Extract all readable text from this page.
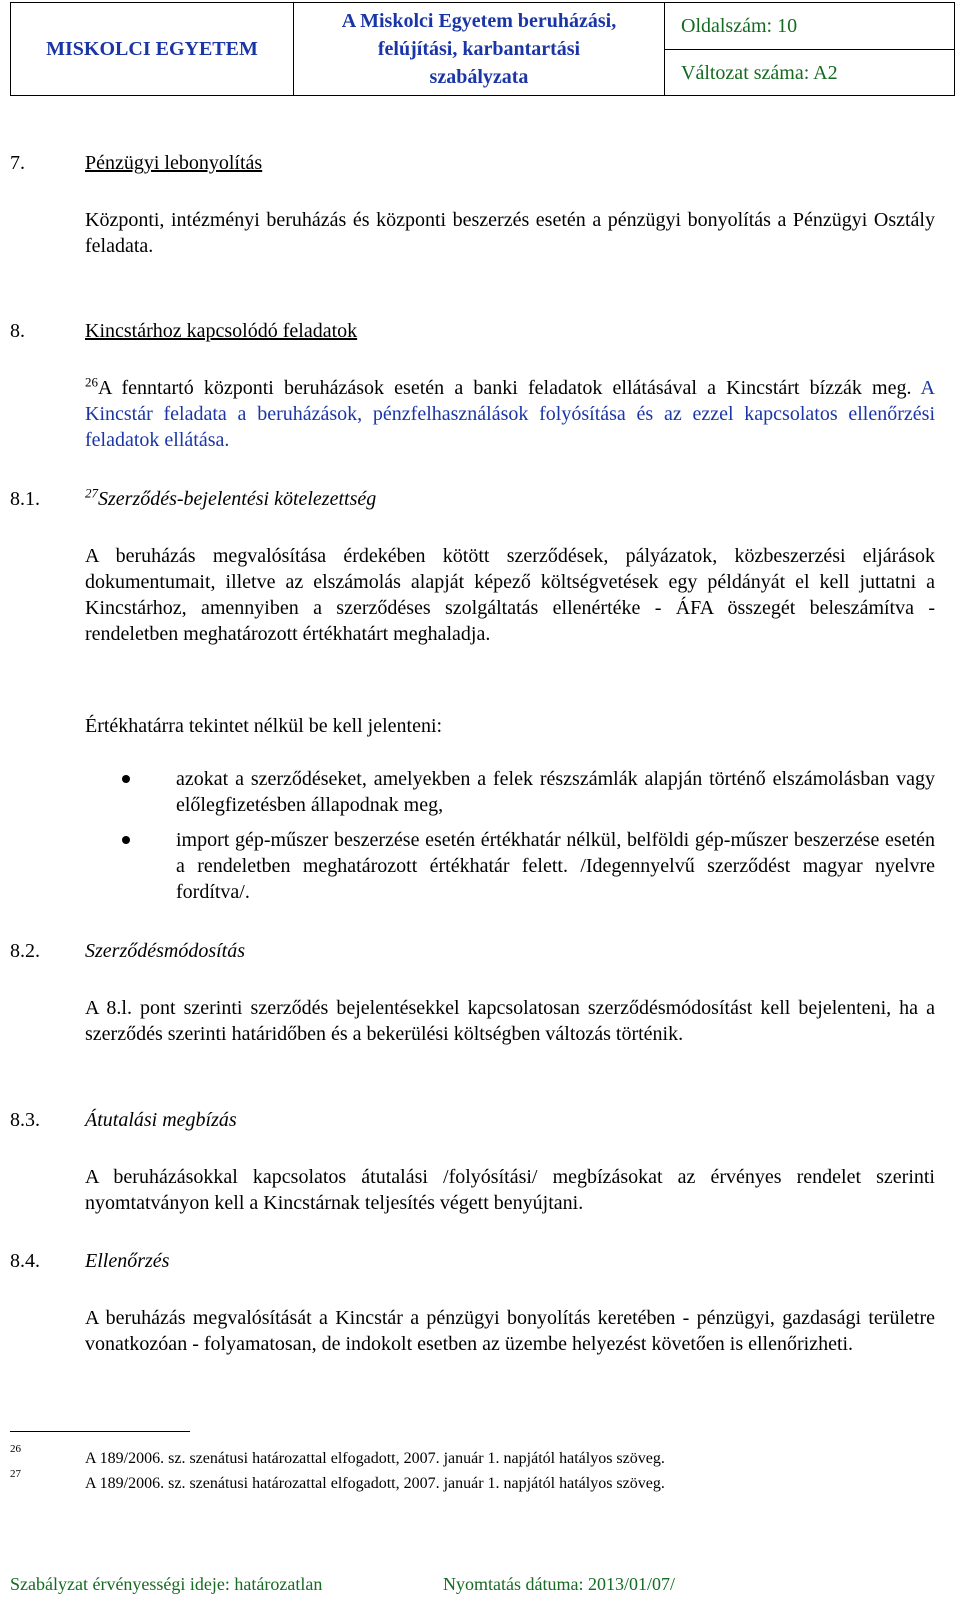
MISKOLCI EGYETEM
A Miskolci Egyetem beruházási,
felújítási, karbantartási
szabályzata
Oldalszám: 10
Változat száma: A2
7.	Pénzügyi lebonyolítás
Központi, intézményi beruházás és központi beszerzés esetén a pénzügyi bonyolítás a Pénzügyi Osztály feladata.
8.	Kincstárhoz kapcsolódó feladatok
$^{26}$A fenntartó központi beruházások esetén a banki feladatok ellátásával a Kincstárt bízzák meg. A Kincstár feladata a beruházások, pénzfelhasználások folyósítása és az ezzel kapcsolatos ellenőrzési feladatok ellátása.
8.1.	$^{27}$Szerződés-bejelentési kötelezettség
A beruházás megvalósítása érdekében kötött szerződések, pályázatok, közbeszerzési eljárások dokumentumait, illetve az elszámolás alapját képező költségvetések egy példányát el kell juttatni a Kincstárhoz, amennyiben a szerződéses szolgáltatás ellenértéke - ÁFA összegét beleszámítva - rendeletben meghatározott értékhatárt meghaladja.
Értékhatárra tekintet nélkül be kell jelenteni:
azokat a szerződéseket, amelyekben a felek részszámlák alapján történő elszámolásban vagy előlegfizetésben állapodnak meg,
import gép-műszer beszerzése esetén értékhatár nélkül, belföldi gép-műszer beszerzése esetén a rendeletben meghatározott értékhatár felett. /Idegennyelvű szerződést magyar nyelvre fordítva/.
8.2. Szerződésmódosítás
A 8.l. pont szerinti szerződés bejelentésekkel kapcsolatosan szerződésmódosítást kell bejelenteni, ha a szerződés szerinti határidőben és a bekerülési költségben változás történik.
8.3. Átutalási megbízás
A beruházásokkal kapcsolatos átutalási /folyósítási/ megbízásokat az érvényes rendelet szerinti nyomtatványon kell a Kincstárnak teljesítés végett benyújtani.
8.4. Ellenőrzés
A beruházás megvalósítását a Kincstár a pénzügyi bonyolítás keretében - pénzügyi, gazdasági területre vonatkozóan - folyamatosan, de indokolt esetben az üzembe helyezést követően is ellenőrizheti.
26
A 189/2006. sz. szenátusi határozattal elfogadott, 2007. január 1. napjától hatályos szöveg.
27
A 189/2006. sz. szenátusi határozattal elfogadott, 2007. január 1. napjától hatályos szöveg.
Szabályzat érvényességi ideje: határozatlan	Nyomtatás dátuma: 2013/01/07/
